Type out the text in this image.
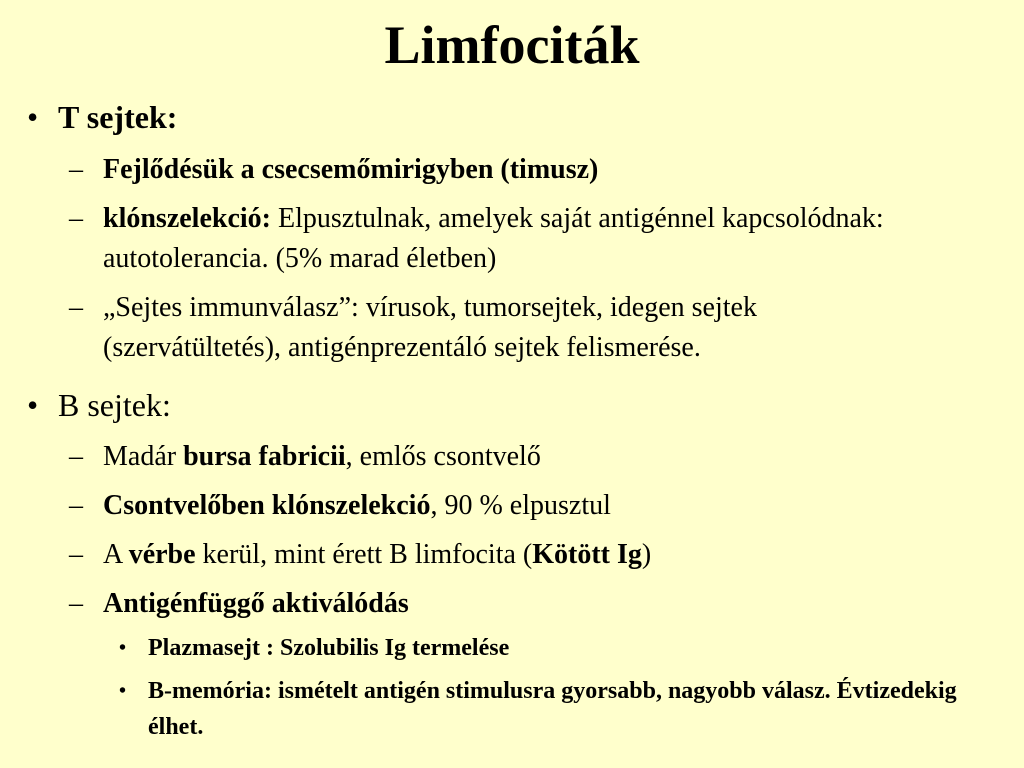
Limfociták
• T sejtek:
– Fejlődésük a csecsemőmirigyben (timusz)
– klónszelekció: Elpusztulnak, amelyek saját antigénnel kapcsolódnak: autotolerancia. (5% marad életben)
– „Sejtes immunválasz”: vírusok, tumorsejtek, idegen sejtek (szervátültetés), antigénprezentáló sejtek felismerése.
• B sejtek:
– Madár bursa fabricii, emlős csontvelő
– Csontvelőben klónszelekció, 90 % elpusztul
– A vérbe kerül, mint érett B limfocita (Kötött Ig)
– Antigénfüggő aktiválódás
• Plazmasejt : Szolubilis Ig termelése
• B-memória: ismételt antigén stimulusra gyorsabb, nagyobb válasz. Évtizedekig élhet.
